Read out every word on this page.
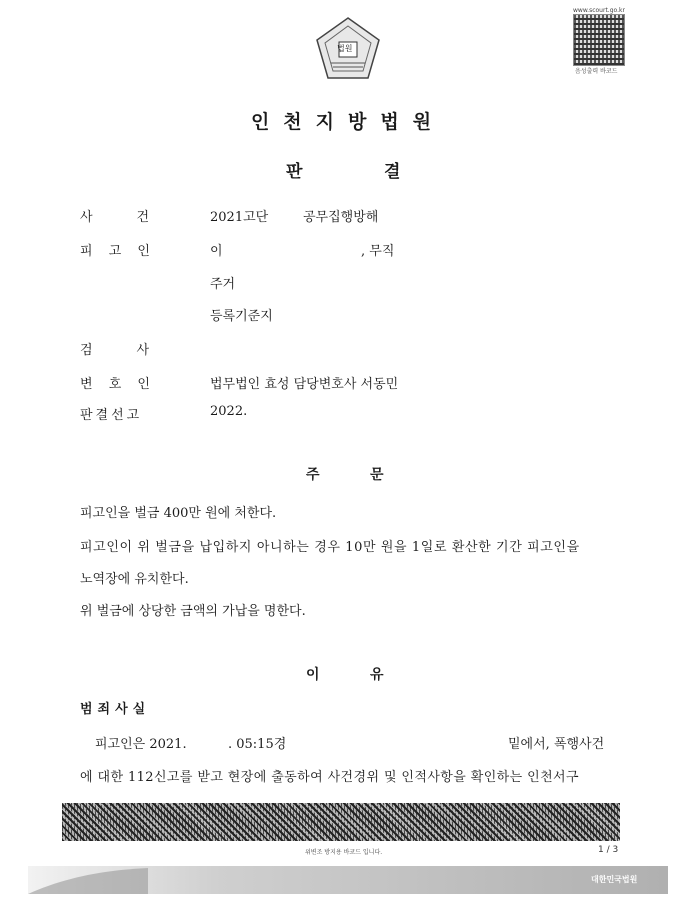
법원
www.scourt.go.kr
음성출력 바코드
인천지방법원
판	결
사　　건	2021고단	공무집행방해
피 고 인	이	, 무직
주거
등록기준지
검　　사
변 호 인	법무법인 효성 담당변호사 서동민
판결선고	2022.
주	문
피고인을 벌금 400만 원에 처한다.
피고인이 위 벌금을 납입하지 아니하는 경우 10만 원을 1일로 환산한 기간 피고인을
노역장에 유치한다.
위 벌금에 상당한 금액의 가납을 명한다.
이	유
범죄사실
피고인은 2021.	. 05:15경	밑에서, 폭행사건
에 대한 112신고를 받고 현장에 출동하여 사건경위 및 인적사항을 확인하는 인천서구
위변조 방지용 바코드 입니다.	1 / 3
대한민국법원
